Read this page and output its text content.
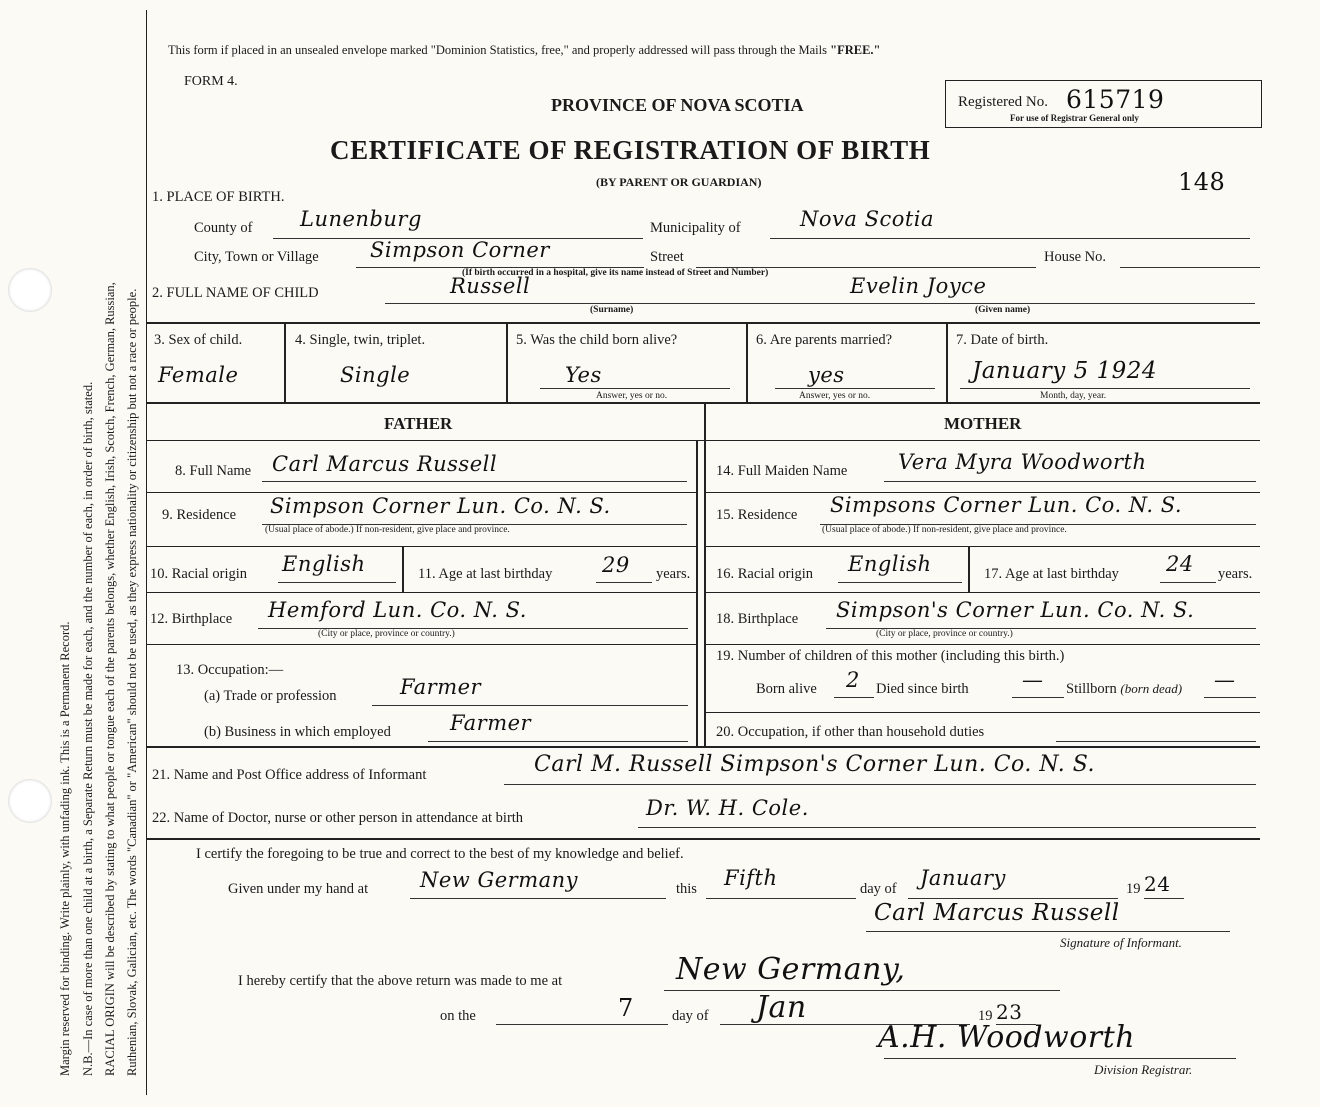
Margin reserved for binding. Write plainly, with unfading ink. This is a Permanent Record. N.B.—In case of more than one child at a birth, a Separate Return must be made for each, and the number of each, in order of birth, stated. RACIAL ORIGIN will be described by stating to what people or tongue each of the parents belongs, whether English, Irish, Scotch, French, German, Russian, Ruthenian, Slovak, Galician, etc. The words "Canadian" or "American" should not be used, as they express nationality or citizenship but not a race or people.
This form if placed in an unsealed envelope marked "Dominion Statistics, free," and properly addressed will pass through the Mails "FREE."
FORM 4.
PROVINCE OF NOVA SCOTIA
CERTIFICATE OF REGISTRATION OF BIRTH
(BY PARENT OR GUARDIAN)
Registered No. 615719
For use of Registrar General only
148
1. PLACE OF BIRTH.
County of Lunenburg	Municipality of	Nova Scotia
City, Town or Village Simpson Corner	Street	House No.
(If birth occurred in a hospital, give its name instead of Street and Number)
2. FULL NAME OF CHILD	Russell	Evelin Joyce
(Surname)	(Given name)
3. Sex of child.
Female
4. Single, twin, triplet.
Single
5. Was the child born alive?
Yes
Answer, yes or no.
6. Are parents married?
yes
Answer, yes or no.
7. Date of birth.
January 5 1924
Month, day, year.
FATHER	MOTHER
8. Full Name Carl Marcus Russell
9. Residence Simpson Corner Lun. Co. N. S.
(Usual place of abode.) If non-resident, give place and province.
10. Racial origin English	11. Age at last birthday 29 years.
12. Birthplace Hemford Lun. Co. N. S.
(City or place, province or country.)
13. Occupation:—
(a) Trade or profession	Farmer
(b) Business in which employed	Farmer
14. Full Maiden Name Vera Myra Woodworth
15. Residence Simpsons Corner Lun. Co. N. S.
(Usual place of abode.) If non-resident, give place and province.
16. Racial origin English	17. Age at last birthday 24 years.
18. Birthplace Simpson's Corner Lun. Co. N. S.
(City or place, province or country.)
19. Number of children of this mother (including this birth.)
Born alive 2 Died since birth	— Stillborn (born dead) —
20. Occupation, if other than household duties
21. Name and Post Office address of Informant	Carl M. Russell Simpson's Corner Lun. Co. N. S.
22. Name of Doctor, nurse or other person in attendance at birth	Dr. W. H. Cole.
I certify the foregoing to be true and correct to the best of my knowledge and belief.
Given under my hand at New Germany	this Fifth	day of January	19 24
Carl Marcus Russell
Signature of Informant.
I hereby certify that the above return was made to me at	New Germany,
on the	7	day of Jan	19 23
A.H. Woodworth
Division Registrar.
